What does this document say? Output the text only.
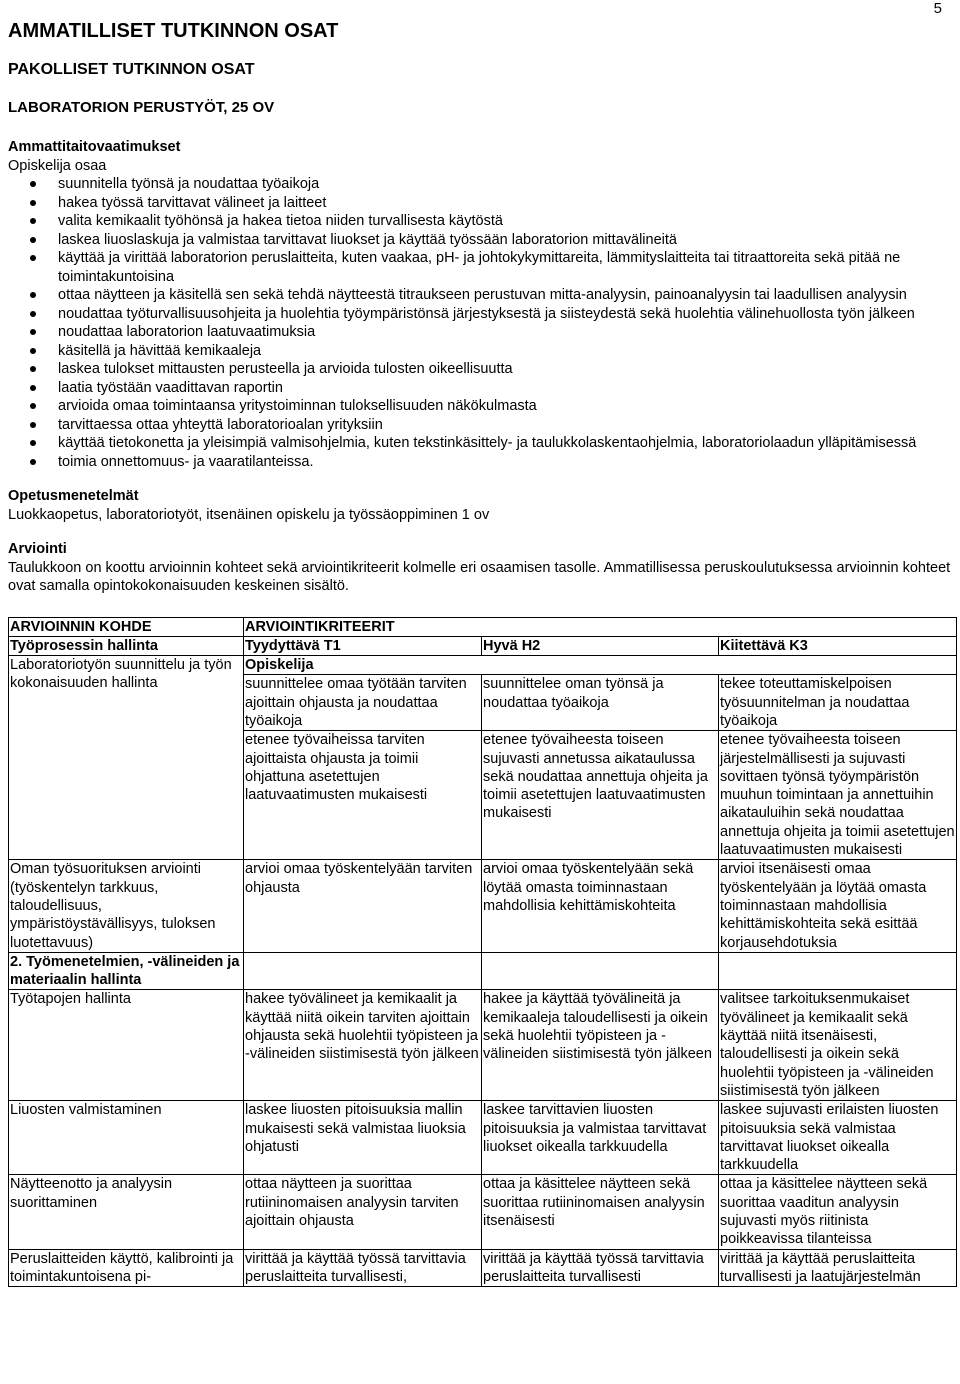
5
AMMATILLISET TUTKINNON OSAT
PAKOLLISET TUTKINNON OSAT
LABORATORION PERUSTYÖT, 25 OV
Ammattitaitovaatimukset

Opiskelija osaa

suunnitella työnsä ja noudattaa työaikoja
hakea työssä tarvittavat välineet ja laitteet
valita kemikaalit työhönsä ja hakea tietoa niiden turvallisesta käytöstä
laskea liuoslaskuja ja valmistaa tarvittavat liuokset ja käyttää työssään laboratorion mittavälineitä
käyttää ja virittää laboratorion peruslaitteita, kuten vaakaa, pH- ja johtokykymittareita, lämmityslaitteita tai titraattoreita sekä pitää ne toimintakuntoisina
ottaa näytteen ja käsitellä sen sekä tehdä näytteestä titraukseen perustuvan mitta-analyysin, painoanalyysin tai laadullisen analyysin
noudattaa työturvallisuusohjeita ja huolehtia työympäristönsä järjestyksestä ja siisteydestä sekä huolehtia välinehuollosta työn jälkeen
noudattaa laboratorion laatuvaatimuksia
käsitellä ja hävittää kemikaaleja
laskea tulokset mittausten perusteella ja arvioida tulosten oikeellisuutta
laatia työstään vaadittavan raportin
arvioida omaa toimintaansa yritystoiminnan tuloksellisuuden näkökulmasta
tarvittaessa ottaa yhteyttä laboratorioalan yrityksiin
käyttää tietokonetta ja yleisimpiä valmisohjelmia, kuten tekstinkäsittely- ja taulukkolaskentaohjelmia, laboratoriolaadun ylläpitämisessä
toimia onnettomuus- ja vaaratilanteissa.
Opetusmenetelmät

Luokkaopetus, laboratoriotyöt, itsenäinen opiskelu ja työssäoppiminen 1 ov

Arviointi

Taulukkoon on koottu arvioinnin kohteet sekä arviointikriteerit kolmelle eri osaamisen tasolle. Ammatillisessa peruskoulutuksessa arvioinnin kohteet ovat samalla opintokokonaisuuden keskeinen sisältö.

ARVIOINNIN KOHDE	ARVIOINTIKRITEERIT		
Työprosessin hallinta	Tyydyttävä T1	Hyvä H2	Kiitettävä K3
Laboratoriotyön suunnittelu ja työn kokonaisuuden hallinta	Opiskelija		
	suunnittelee omaa työtään tarviten ajoittain ohjausta ja noudattaa työaikoja	suunnittelee oman työnsä ja noudattaa työaikoja	tekee toteuttamiskelpoisen työsuunnitelman ja noudattaa työaikoja
	etenee työvaiheissa tarviten ajoittaista ohjausta ja toimii ohjattuna asetettujen laatuvaatimusten mukaisesti	etenee työvaiheesta toiseen sujuvasti annetussa aikataulussa sekä noudattaa annettuja ohjeita ja toimii asetettujen laatuvaatimusten mukaisesti	etenee työvaiheesta toiseen järjestelmällisesti ja sujuvasti sovittaen työnsä työympäristön muuhun toimintaan ja annettuihin aikatauluihin sekä noudattaa annettuja ohjeita ja toimii asetettujen laatuvaatimusten mukaisesti
Oman työsuorituksen arviointi (työskentelyn tarkkuus, taloudellisuus, ympäristöystävällisyys, tuloksen luotettavuus)	arvioi omaa työskentelyään tarviten ohjausta	arvioi omaa työskentelyään sekä löytää omasta toiminnastaan mahdollisia kehittämiskohteita	arvioi itsenäisesti omaa työskentelyään ja löytää omasta toiminnastaan mahdollisia kehittämiskohteita sekä esittää korjausehdotuksia
2. Työmenetelmien, -välineiden ja materiaalin hallinta			
Työtapojen hallinta	hakee työvälineet ja kemikaalit ja käyttää niitä oikein tarviten ajoittain ohjausta sekä huolehtii työpisteen ja -välineiden siistimisestä työn jälkeen	hakee ja käyttää työvälineitä ja kemikaaleja taloudellisesti ja oikein sekä huolehtii työpisteen ja -välineiden siistimisestä työn jälkeen	valitsee tarkoituksenmukaiset työvälineet ja kemikaalit sekä käyttää niitä itsenäisesti, taloudellisesti ja oikein sekä huolehtii työpisteen ja -välineiden siistimisestä työn jälkeen
Liuosten valmistaminen	laskee liuosten pitoisuuksia mallin mukaisesti sekä valmistaa liuoksia ohjatusti	laskee tarvittavien liuosten pitoisuuksia ja valmistaa tarvittavat liuokset oikealla tarkkuudella	laskee sujuvasti erilaisten liuosten pitoisuuksia sekä valmistaa tarvittavat liuokset oikealla tarkkuudella
Näytteenotto ja analyysin suorittaminen	ottaa näytteen ja suorittaa rutiininomaisen analyysin tarviten ajoittain ohjausta	ottaa ja käsittelee näytteen sekä suorittaa rutiininomaisen analyysin itsenäisesti	ottaa ja käsittelee näytteen sekä suorittaa vaaditun analyysin sujuvasti myös riitinista poikkeavissa tilanteissa
Peruslaitteiden käyttö, kalibrointi ja toimintakuntoisena pi-	virittää ja käyttää työssä tarvittavia peruslaitteita turvallisesti,	virittää ja käyttää työssä tarvittavia peruslaitteita turvallisesti	virittää ja käyttää peruslaitteita turvallisesti ja laatujärjestelmän
